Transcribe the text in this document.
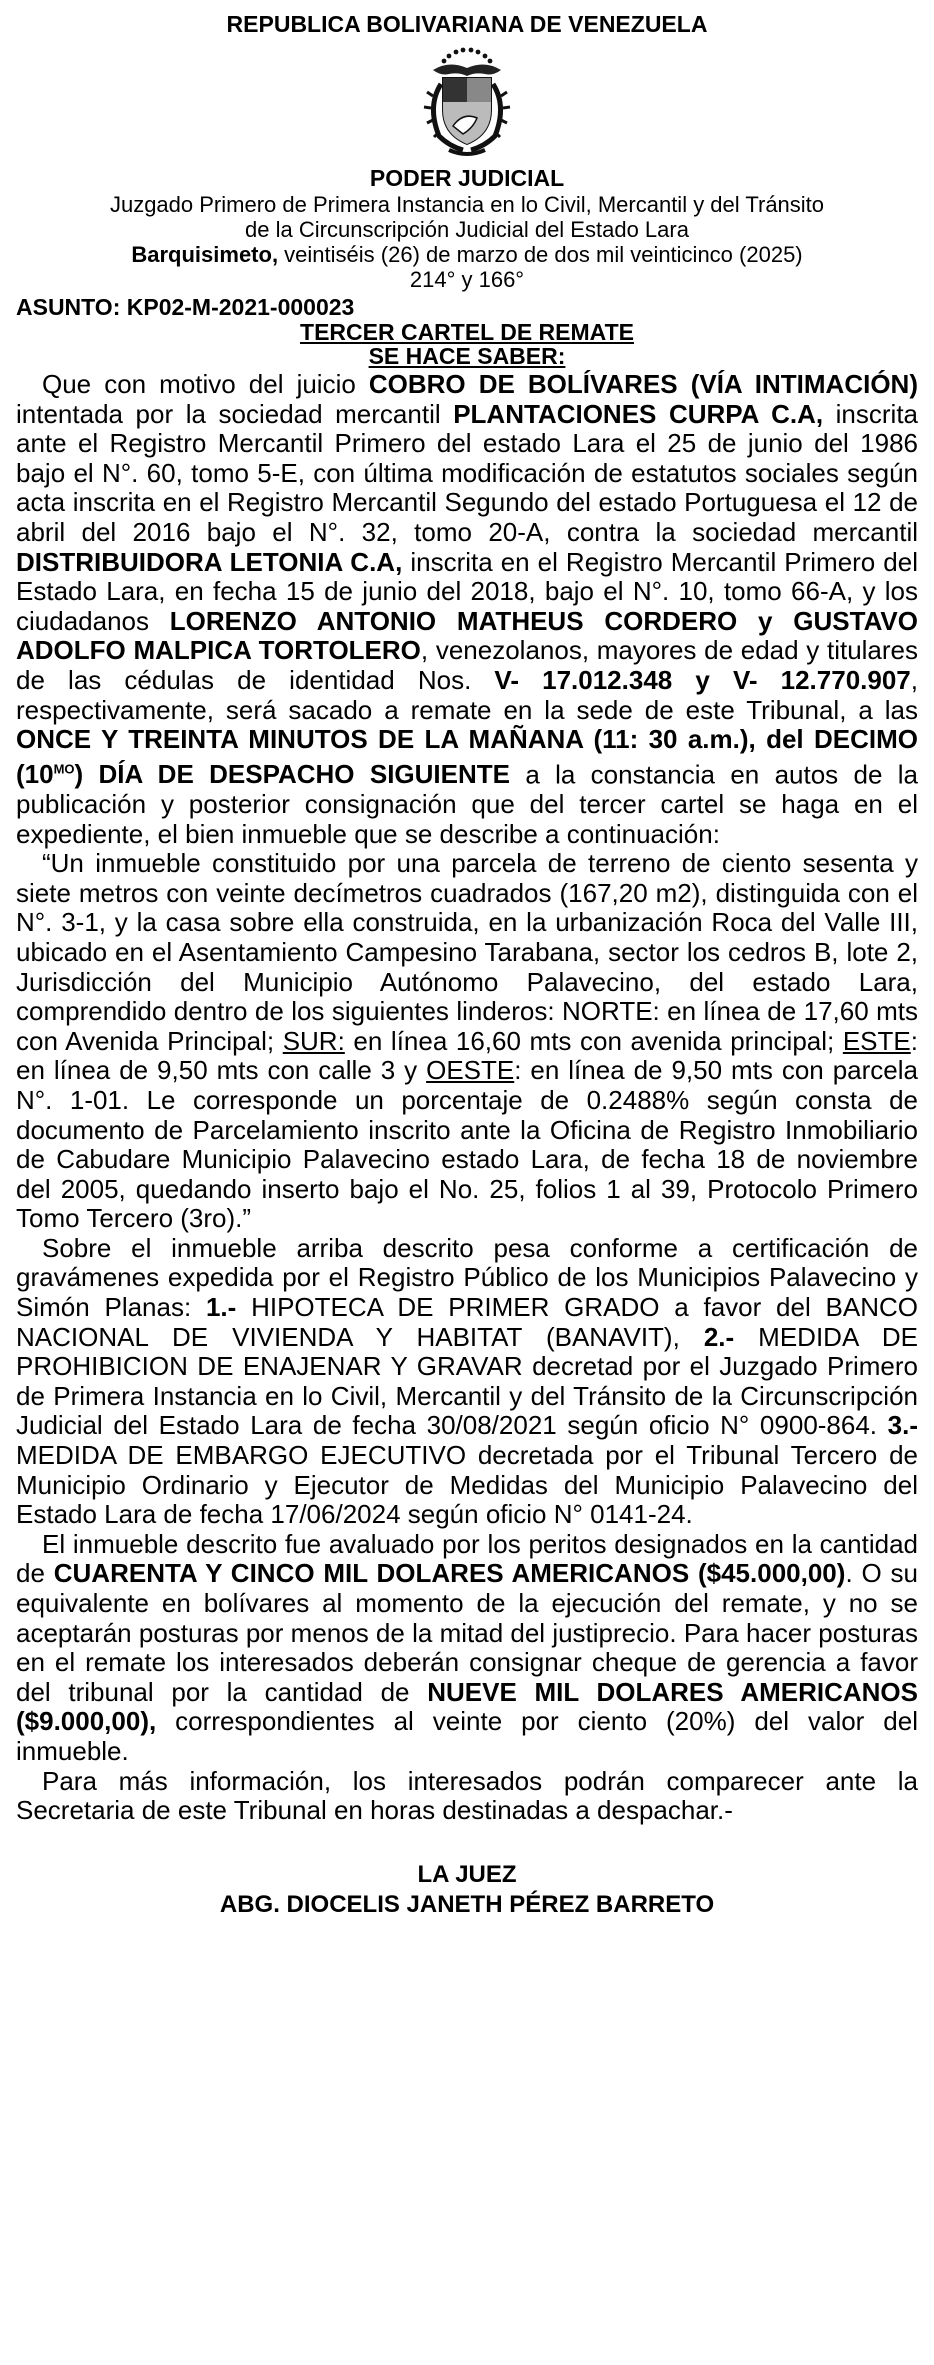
REPUBLICA BOLIVARIANA DE VENEZUELA
PODER JUDICIAL
Juzgado Primero de Primera Instancia en lo Civil, Mercantil y del Tránsito
de la Circunscripción Judicial del Estado Lara
Barquisimeto, veintiséis (26) de marzo de dos mil veinticinco (2025)
214° y 166°
ASUNTO: KP02-M-2021-000023
TERCER CARTEL DE REMATE
SE HACE SABER:

Que con motivo del juicio COBRO DE BOLÍVARES (VÍA INTIMACIÓN) intentada por la sociedad mercantil PLANTACIONES CURPA C.A, inscrita ante el Registro Mercantil Primero del estado Lara el 25 de junio del 1986 bajo el N°. 60, tomo 5-E, con última modificación de estatutos sociales según acta inscrita en el Registro Mercantil Segundo del estado Portuguesa el 12 de abril del 2016 bajo el N°. 32, tomo 20-A, contra la sociedad mercantil DISTRIBUIDORA LETONIA C.A, inscrita en el Registro Mercantil Primero del Estado Lara, en fecha 15 de junio del 2018, bajo el N°. 10, tomo 66-A, y los ciudadanos LORENZO ANTONIO MATHEUS CORDERO y GUSTAVO ADOLFO MALPICA TORTOLERO, venezolanos, mayores de edad y titulares de las cédulas de identidad Nos. V- 17.012.348 y V- 12.770.907, respectivamente, será sacado a remate en la sede de este Tribunal, a las ONCE Y TREINTA MINUTOS DE LA MAÑANA (11: 30 a.m.), del DECIMO $(10^{MO})$ DÍA DE DESPACHO SIGUIENTE a la constancia en autos de la publicación y posterior consignación que del tercer cartel se haga en el expediente, el bien inmueble que se describe a continuación:

“Un inmueble constituido por una parcela de terreno de ciento sesenta y siete metros con veinte decímetros cuadrados (167,20 m2), distinguida con el N°. 3-1, y la casa sobre ella construida, en la urbanización Roca del Valle III, ubicado en el Asentamiento Campesino Tarabana, sector los cedros B, lote 2, Jurisdicción del Municipio Autónomo Palavecino, del estado Lara, comprendido dentro de los siguientes linderos: NORTE: en línea de 17,60 mts con Avenida Principal; SUR: en línea 16,60 mts con avenida principal; ESTE: en línea de 9,50 mts con calle 3 y OESTE: en línea de 9,50 mts con parcela N°. 1-01. Le corresponde un porcentaje de 0.2488% según consta de documento de Parcelamiento inscrito ante la Oficina de Registro Inmobiliario de Cabudare Municipio Palavecino estado Lara, de fecha 18 de noviembre del 2005, quedando inserto bajo el No. 25, folios 1 al 39, Protocolo Primero Tomo Tercero (3ro).”

Sobre el inmueble arriba descrito pesa conforme a certificación de gravámenes expedida por el Registro Público de los Municipios Palavecino y Simón Planas: 1.- HIPOTECA DE PRIMER GRADO a favor del BANCO NACIONAL DE VIVIENDA Y HABITAT (BANAVIT), 2.- MEDIDA DE PROHIBICION DE ENAJENAR Y GRAVAR decretad por el Juzgado Primero de Primera Instancia en lo Civil, Mercantil y del Tránsito de la Circunscripción Judicial del Estado Lara de fecha 30/08/2021 según oficio N° 0900-864. 3.- MEDIDA DE EMBARGO EJECUTIVO decretada por el Tribunal Tercero de Municipio Ordinario y Ejecutor de Medidas del Municipio Palavecino del Estado Lara de fecha 17/06/2024 según oficio N° 0141-24.

El inmueble descrito fue avaluado por los peritos designados en la cantidad de CUARENTA Y CINCO MIL DOLARES AMERICANOS ($45.000,00). O su equivalente en bolívares al momento de la ejecución del remate, y no se aceptarán posturas por menos de la mitad del justiprecio. Para hacer posturas en el remate los interesados deberán consignar cheque de gerencia a favor del tribunal por la cantidad de NUEVE MIL DOLARES AMERICANOS ($9.000,00), correspondientes al veinte por ciento (20%) del valor del inmueble.

Para más información, los interesados podrán comparecer ante la Secretaria de este Tribunal en horas destinadas a despachar.-

LA JUEZ
ABG. DIOCELIS JANETH PÉREZ BARRETO
